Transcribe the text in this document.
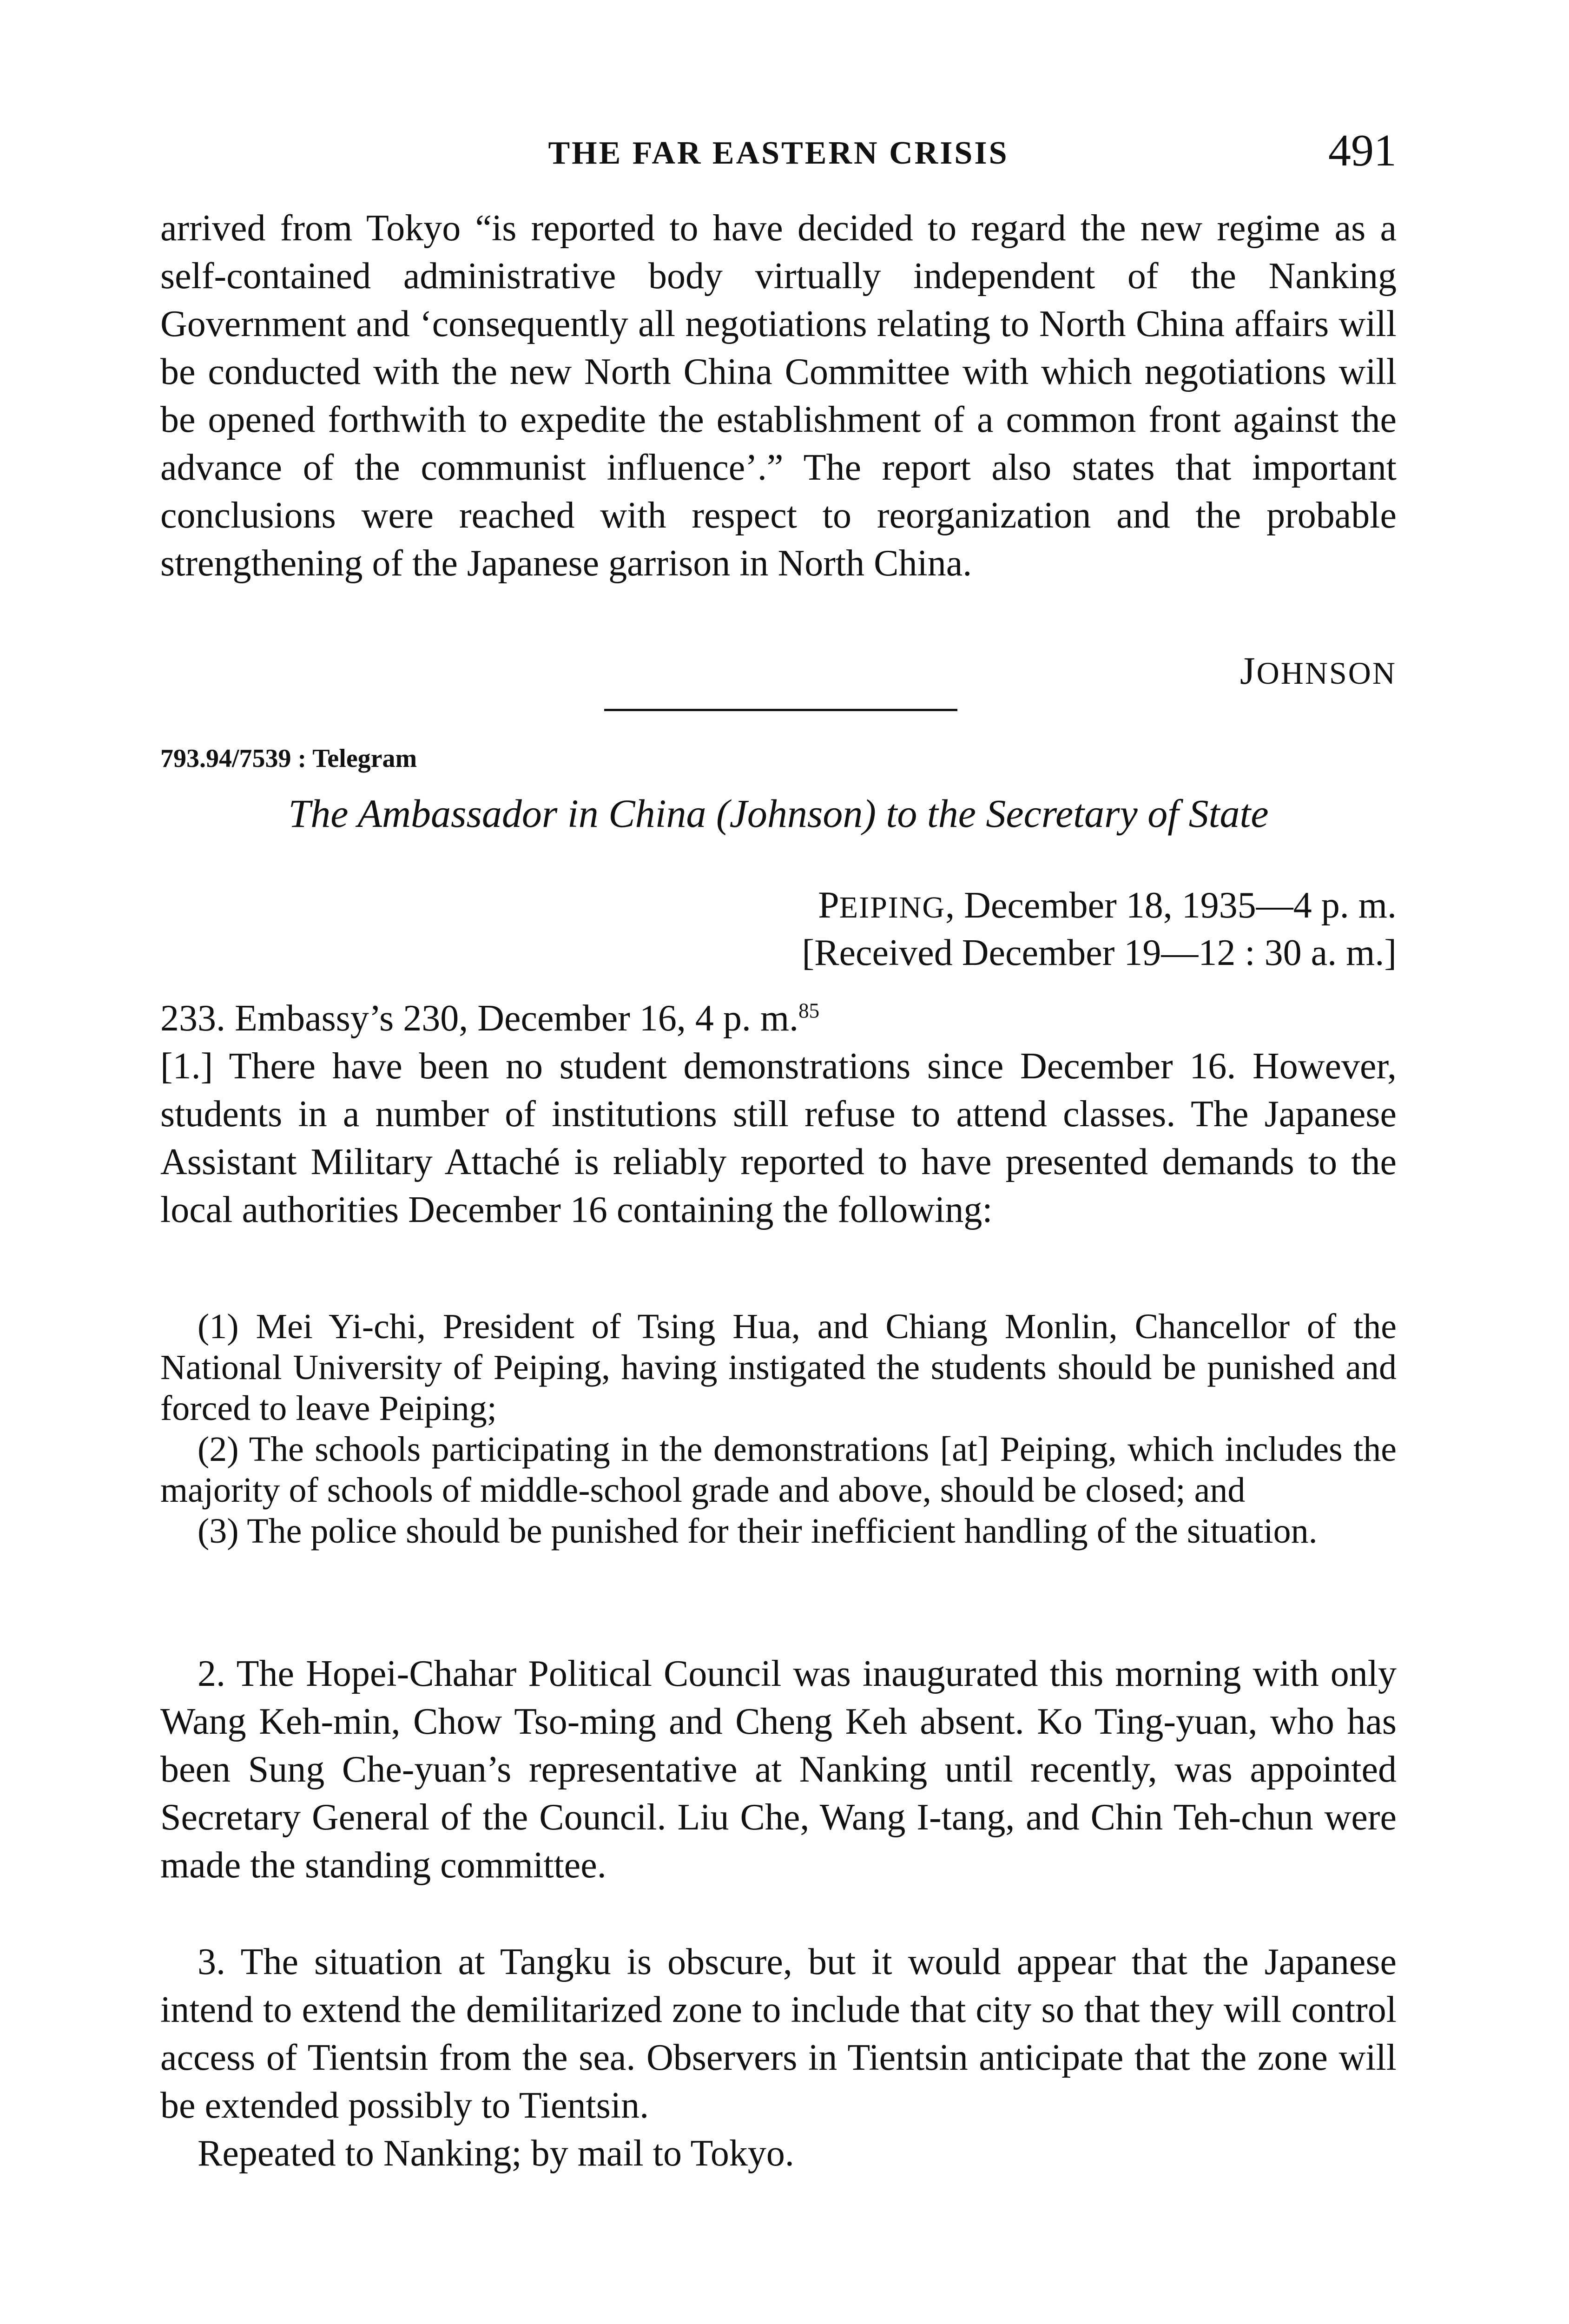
THE FAR EASTERN CRISIS	491

arrived from Tokyo “is reported to have decided to regard the new regime as a self-contained administrative body virtually independent of the Nanking Government and ‘consequently all negotiations relating to North China affairs will be conducted with the new North China Committee with which negotiations will be opened forthwith to expedite the establishment of a common front against the advance of the communist influence’.” The report also states that important conclusions were reached with respect to reorganization and the probable strengthening of the Japanese garrison in North China.

JOHNSON
793.94/7539 : Telegram
The Ambassador in China (Johnson) to the Secretary of State
PEIPING, December 18, 1935—4 p. m.
[Received December 19—12 : 30 a. m.]

233. Embassy’s 230, December 16, 4 p. m.$^{85}$

[1.] There have been no student demonstrations since December 16. However, students in a number of institutions still refuse to attend classes. The Japanese Assistant Military Attaché is reliably reported to have presented demands to the local authorities December 16 containing the following:

(1) Mei Yi-chi, President of Tsing Hua, and Chiang Monlin, Chancellor of the National University of Peiping, having instigated the students should be punished and forced to leave Peiping;

(2) The schools participating in the demonstrations [at] Peiping, which includes the majority of schools of middle-school grade and above, should be closed; and

(3) The police should be punished for their inefficient handling of the situation.

2. The Hopei-Chahar Political Council was inaugurated this morning with only Wang Keh-min, Chow Tso-ming and Cheng Keh absent. Ko Ting-yuan, who has been Sung Che-yuan’s representative at Nanking until recently, was appointed Secretary General of the Council. Liu Che, Wang I-tang, and Chin Teh-chun were made the standing committee.

3. The situation at Tangku is obscure, but it would appear that the Japanese intend to extend the demilitarized zone to include that city so that they will control access of Tientsin from the sea. Observers in Tientsin anticipate that the zone will be extended possibly to Tientsin.

Repeated to Nanking; by mail to Tokyo.
